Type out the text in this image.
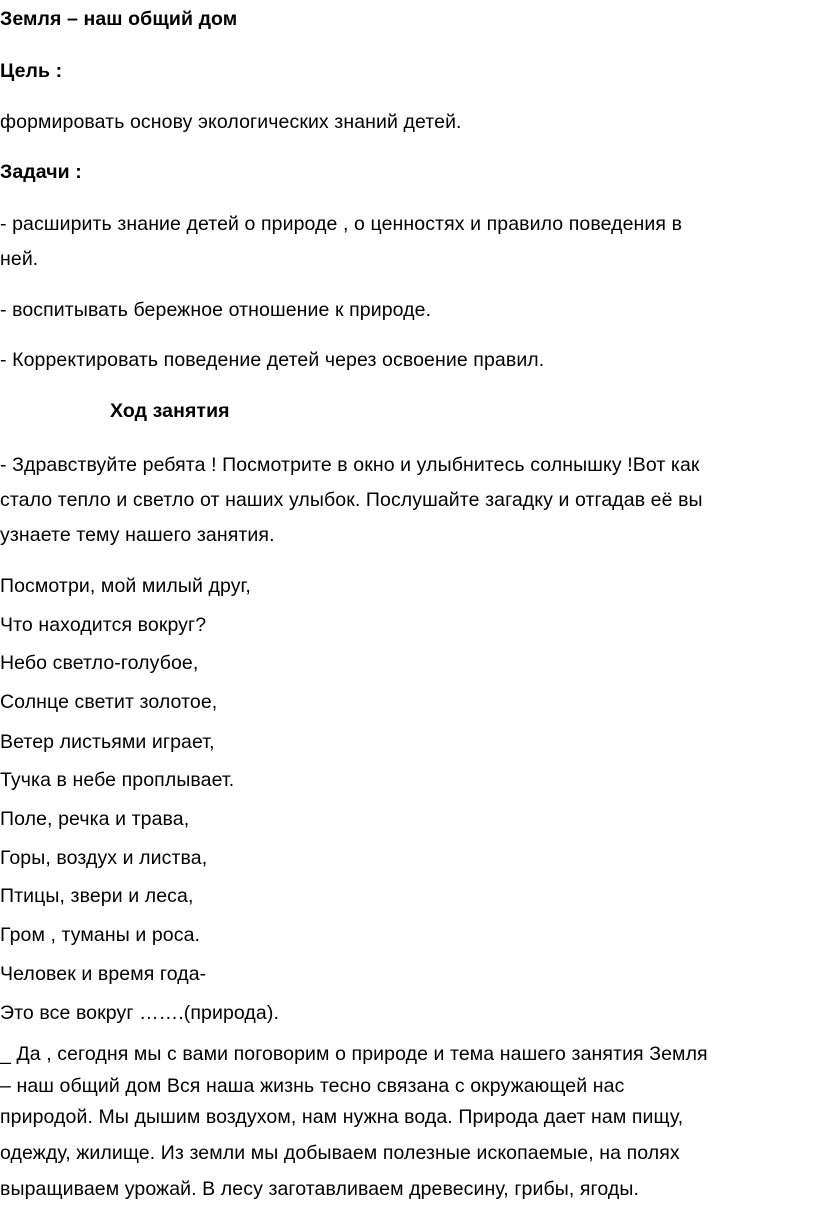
Земля – наш общий дом
Цель :
формировать основу экологических знаний детей.
Задачи :
- расширить знание детей о природе , о ценностях и правило поведения в
ней.
- воспитывать бережное отношение к природе.
- Корректировать поведение детей через освоение правил.
Ход занятия
- Здравствуйте ребята ! Посмотрите в окно и улыбнитесь солнышку !Вот как
стало тепло и светло от наших улыбок. Послушайте загадку и отгадав её вы
узнаете тему нашего занятия.
Посмотри, мой милый друг,
Что находится вокруг?
Небо светло-голубое,
Солнце светит золотое,
Ветер листьями играет,
Тучка в небе проплывает.
Поле, речка и трава,
Горы, воздух и листва,
Птицы, звери и леса,
Гром , туманы и роса.
Человек и время года-
Это все вокруг …….(природа).
_ Да , сегодня мы с вами поговорим о природе и тема нашего занятия Земля
– наш общий дом Вся наша жизнь тесно связана с окружающей нас
природой. Мы дышим воздухом, нам нужна вода. Природа дает нам пищу,
одежду, жилище. Из земли мы добываем полезные ископаемые, на полях
выращиваем урожай. В лесу заготавливаем древесину, грибы, ягоды.
